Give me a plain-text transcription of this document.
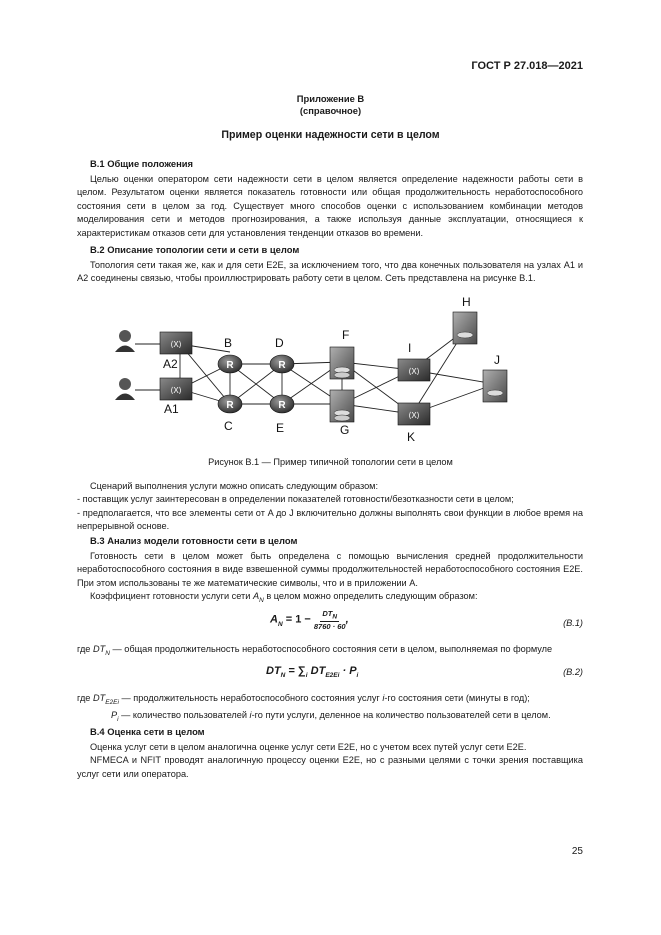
ГОСТ Р 27.018—2021
Приложение В
(справочное)
Пример оценки надежности сети в целом

В.1 Общие положения

Целью оценки оператором сети надежности сети в целом является определение надежности работы сети в целом. Результатом оценки является показатель готовности или общая продолжительность неработоспособного состояния сети в целом за год. Существует много способов оценки с использованием комбинации методов моделирования сети и методов прогнозирования, а также используя данные эксплуатации, относящиеся к характеристикам отказов сети для установления тенденции отказов во времени.

В.2 Описание топологии сети и сети в целом

Топология сети такая же, как и для сети E2E, за исключением того, что два конечных пользователя на узлах A1 и A2 соединены связью, чтобы проиллюстрировать работу сети в целом. Сеть представлена на рисунке В.1.

⟨X⟩
⟨X⟩
R
R
R
R
⟨X⟩
⟨X⟩
A2
A1
B
C
D
E
F
G
H
I
J
K
Рисунок В.1 — Пример типичной топологии сети в целом

Сценарий выполнения услуги можно описать следующим образом:

- поставщик услуг заинтересован в определении показателей готовности/безотказности сети в целом;

- предполагается, что все элементы сети от A до J включительно должны выполнять свои функции в любое время на непрерывной основе.

В.3 Анализ модели готовности сети в целом

Готовность сети в целом может быть определена с помощью вычисления средней продолжительности неработоспособного состояния в виде взвешенной суммы продолжительностей неработоспособного состояния E2E. При этом использованы те же математические символы, что и в приложении А.

Коэффициент готовности услуги сети $A_N$ в целом можно определить следующим образом:

$A_N = 1 - \frac{DT_N}{8760 \cdot 60}$ ,	(B.1)

где $DT_N$ — общая продолжительность неработоспособного состояния сети в целом, выполняемая по формуле

$DT_N = \sum_i$ $DT_{E2Ei} \cdot P_i$	(B.2)

где $DT_{E2Ei}$ — продолжительность неработоспособного состояния услуг i-го состояния сети (минуты в год);

$P_i$ — количество пользователей i-го пути услуги, деленное на количество пользователей сети в целом.

В.4 Оценка сети в целом

Оценка услуг сети в целом аналогична оценке услуг сети E2E, но с учетом всех путей услуг сети E2E.

NFMECA и NFIT проводят аналогичную процессу оценки E2E, но с разными целями с точки зрения поставщика услуг сети или оператора.

25
